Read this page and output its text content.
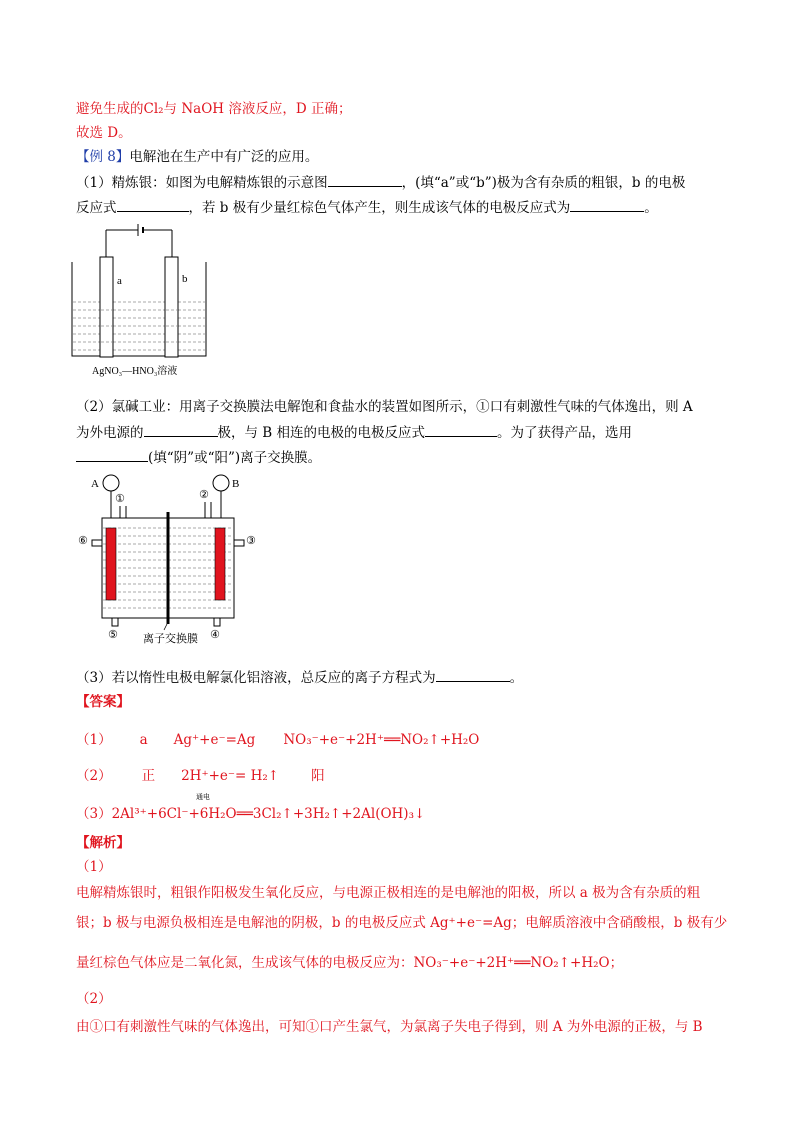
避免生成的Cl₂与 NaOH 溶液反应，D 正确；
故选 D。
【例 8】电解池在生产中有广泛的应用。
（1）精炼银：如图为电解精炼银的示意图	，(填“a”或“b”)极为含有杂质的粗银，b 的电极
反应式	，若 b 极有少量红棕色气体产生，则生成该气体的电极反应式为	。
a	b
AgNO₃—HNO₃溶液
（2）氯碱工业：用离子交换膜法电解饱和食盐水的装置如图所示，①口有刺激性气味的气体逸出，则 A
为外电源的	极，与 B 相连的电极的电极反应式	。为了获得产品，选用
(填“阴”或“阳”)离子交换膜。
A	B
①	②
⑥	③
⑤	④
离子交换膜
（3）若以惰性电极电解氯化铝溶液，总反应的离子方程式为	。
【答案】
（1） a Ag⁺+e⁻=Ag NO₃⁻+e⁻+2H⁺══NO₂↑+H₂O
（2） 正 2H⁺+e⁻= H₂↑ 阳
通电
（3）2Al³⁺+6Cl⁻+6H₂O══3Cl₂↑+3H₂↑+2Al(OH)₃↓
【解析】
（1）
电解精炼银时，粗银作阳极发生氧化反应，与电源正极相连的是电解池的阳极，所以 a 极为含有杂质的粗
银；b 极与电源负极相连是电解池的阴极，b 的电极反应式 Ag⁺+e⁻=Ag；电解质溶液中含硝酸根，b 极有少
量红棕色气体应是二氧化氮，生成该气体的电极反应为：NO₃⁻+e⁻+2H⁺══NO₂↑+H₂O；
（2）
由①口有刺激性气味的气体逸出，可知①口产生氯气，为氯离子失电子得到，则 A 为外电源的正极，与 B
